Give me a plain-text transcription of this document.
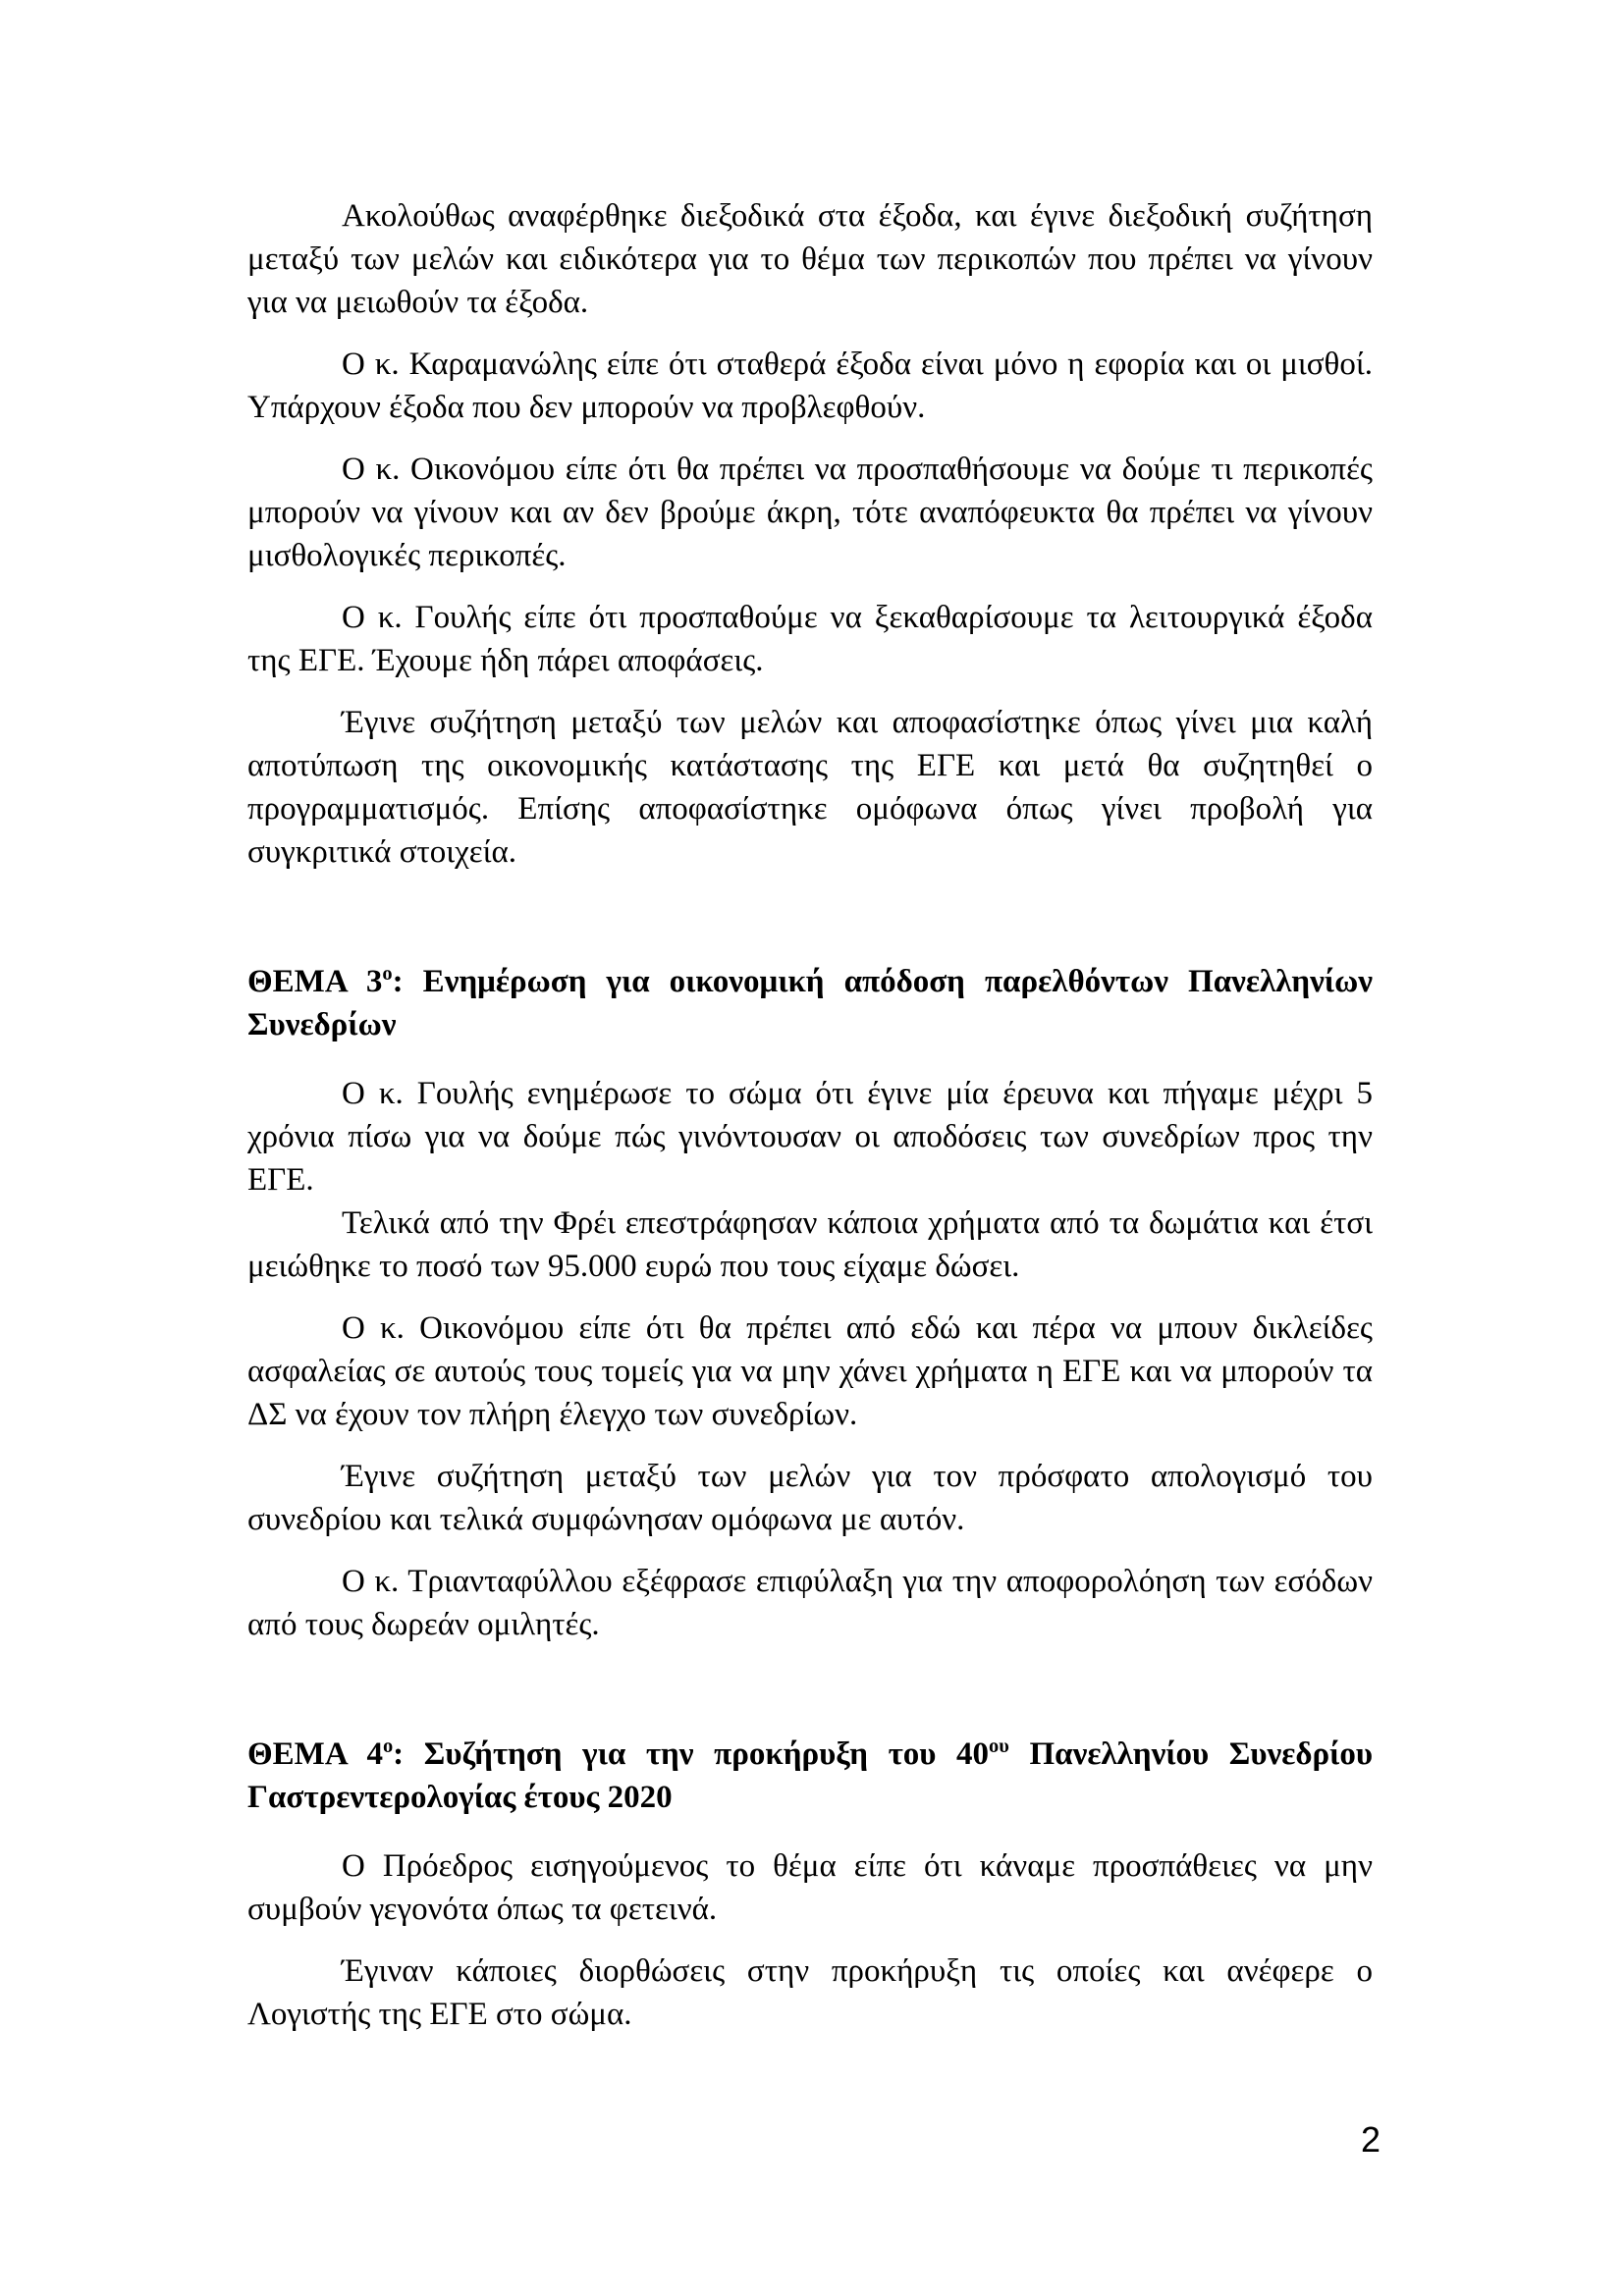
Ακολούθως αναφέρθηκε διεξοδικά στα έξοδα, και έγινε διεξοδική συζήτηση μεταξύ των μελών και ειδικότερα για το θέμα των περικοπών που πρέπει να γίνουν για να μειωθούν τα έξοδα.

Ο κ. Καραμανώλης είπε ότι σταθερά έξοδα είναι μόνο η εφορία και οι μισθοί. Υπάρχουν έξοδα που δεν μπορούν να προβλεφθούν.

Ο κ. Οικονόμου είπε ότι θα πρέπει να προσπαθήσουμε να δούμε τι περικοπές μπορούν να γίνουν και αν δεν βρούμε άκρη, τότε αναπόφευκτα θα πρέπει να γίνουν μισθολογικές περικοπές.

Ο κ. Γουλής είπε ότι προσπαθούμε να ξεκαθαρίσουμε τα λειτουργικά έξοδα της ΕΓΕ. Έχουμε ήδη πάρει αποφάσεις.

Έγινε συζήτηση μεταξύ των μελών και αποφασίστηκε όπως γίνει μια καλή αποτύπωση της οικονομικής κατάστασης της ΕΓΕ και μετά θα συζητηθεί ο προγραμματισμός. Επίσης αποφασίστηκε ομόφωνα όπως γίνει προβολή για συγκριτικά στοιχεία.

ΘΕΜΑ $3^o$: Ενημέρωση για οικονομική απόδοση παρελθόντων Πανελληνίων Συνεδρίων

Ο κ. Γουλής ενημέρωσε το σώμα ότι έγινε μία έρευνα και πήγαμε μέχρι 5 χρόνια πίσω για να δούμε πώς γινόντουσαν οι αποδόσεις των συνεδρίων προς την ΕΓΕ.

Τελικά από την Φρέι επεστράφησαν κάποια χρήματα από τα δωμάτια και έτσι μειώθηκε το ποσό των 95.000 ευρώ που τους είχαμε δώσει.

Ο κ. Οικονόμου είπε ότι θα πρέπει από εδώ και πέρα να μπουν δικλείδες ασφαλείας σε αυτούς τους τομείς για να μην χάνει χρήματα η ΕΓΕ και να μπορούν τα ΔΣ να έχουν τον πλήρη έλεγχο των συνεδρίων.

Έγινε συζήτηση μεταξύ των μελών για τον πρόσφατο απολογισμό του συνεδρίου και τελικά συμφώνησαν ομόφωνα με αυτόν.

Ο κ. Τριανταφύλλου εξέφρασε επιφύλαξη για την αποφορολόηση των εσόδων από τους δωρεάν ομιλητές.

ΘΕΜΑ $4^o$: Συζήτηση για την προκήρυξη του $40^{o\upsilon}$ Πανελληνίου Συνεδρίου Γαστρεντερολογίας έτους 2020

Ο Πρόεδρος εισηγούμενος το θέμα είπε ότι κάναμε προσπάθειες να μην συμβούν γεγονότα όπως τα φετεινά.

Έγιναν κάποιες διορθώσεις στην προκήρυξη τις οποίες και ανέφερε ο Λογιστής της ΕΓΕ στο σώμα.

2
